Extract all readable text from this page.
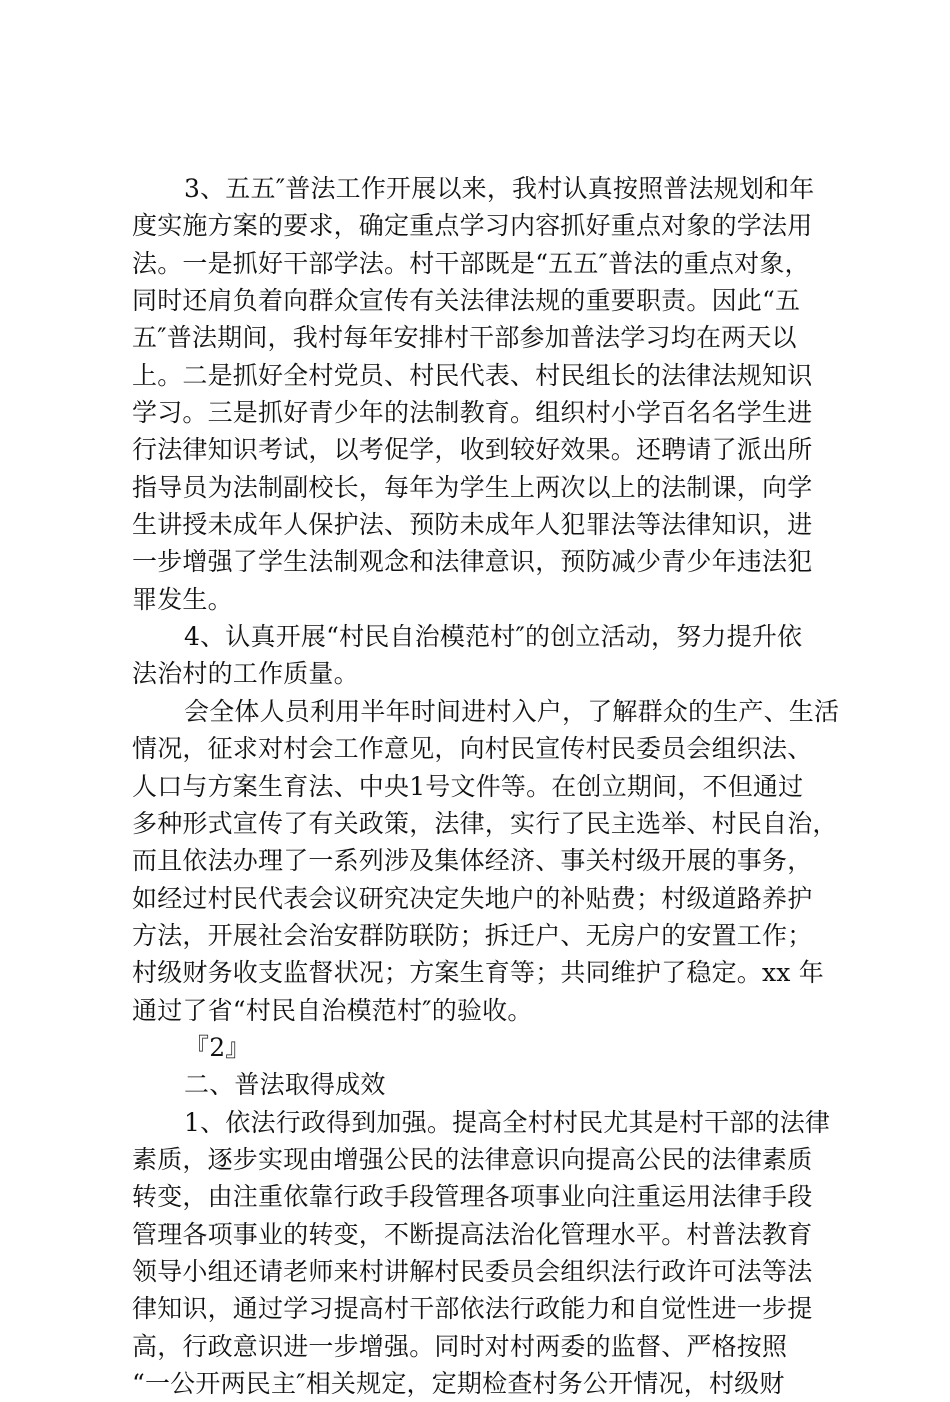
3、五五″普法工作开展以来，我村认真按照普法规划和年
度实施方案的要求，确定重点学习内容抓好重点对象的学法用
法。一是抓好干部学法。村干部既是“五五″普法的重点对象，
同时还肩负着向群众宣传有关法律法规的重要职责。因此“五
五″普法期间，我村每年安排村干部参加普法学习均在两天以
上。二是抓好全村党员、村民代表、村民组长的法律法规知识
学习。三是抓好青少年的法制教育。组织村小学百名名学生进
行法律知识考试，以考促学，收到较好效果。还聘请了派出所
指导员为法制副校长，每年为学生上两次以上的法制课，向学
生讲授未成年人保护法、预防未成年人犯罪法等法律知识，进
一步增强了学生法制观念和法律意识，预防减少青少年违法犯
罪发生。
4、认真开展“村民自治模范村″的创立活动，努力提升依
法治村的工作质量。
会全体人员利用半年时间进村入户，了解群众的生产、生活
情况，征求对村会工作意见，向村民宣传村民委员会组织法、
人口与方案生育法、中央1号文件等。在创立期间，不但通过
多种形式宣传了有关政策，法律，实行了民主选举、村民自治，
而且依法办理了一系列涉及集体经济、事关村级开展的事务，
如经过村民代表会议研究决定失地户的补贴费；村级道路养护
方法，开展社会治安群防联防；拆迁户、无房户的安置工作；
村级财务收支监督状况；方案生育等；共同维护了稳定。xx 年
通过了省“村民自治模范村″的验收。
『2』
二、普法取得成效
1、依法行政得到加强。提高全村村民尤其是村干部的法律
素质，逐步实现由增强公民的法律意识向提高公民的法律素质
转变，由注重依靠行政手段管理各项事业向注重运用法律手段
管理各项事业的转变，不断提高法治化管理水平。村普法教育
领导小组还请老师来村讲解村民委员会组织法行政许可法等法
律知识，通过学习提高村干部依法行政能力和自觉性进一步提
高，行政意识进一步增强。同时对村两委的监督、严格按照
“一公开两民主″相关规定，定期检查村务公开情况，村级财
